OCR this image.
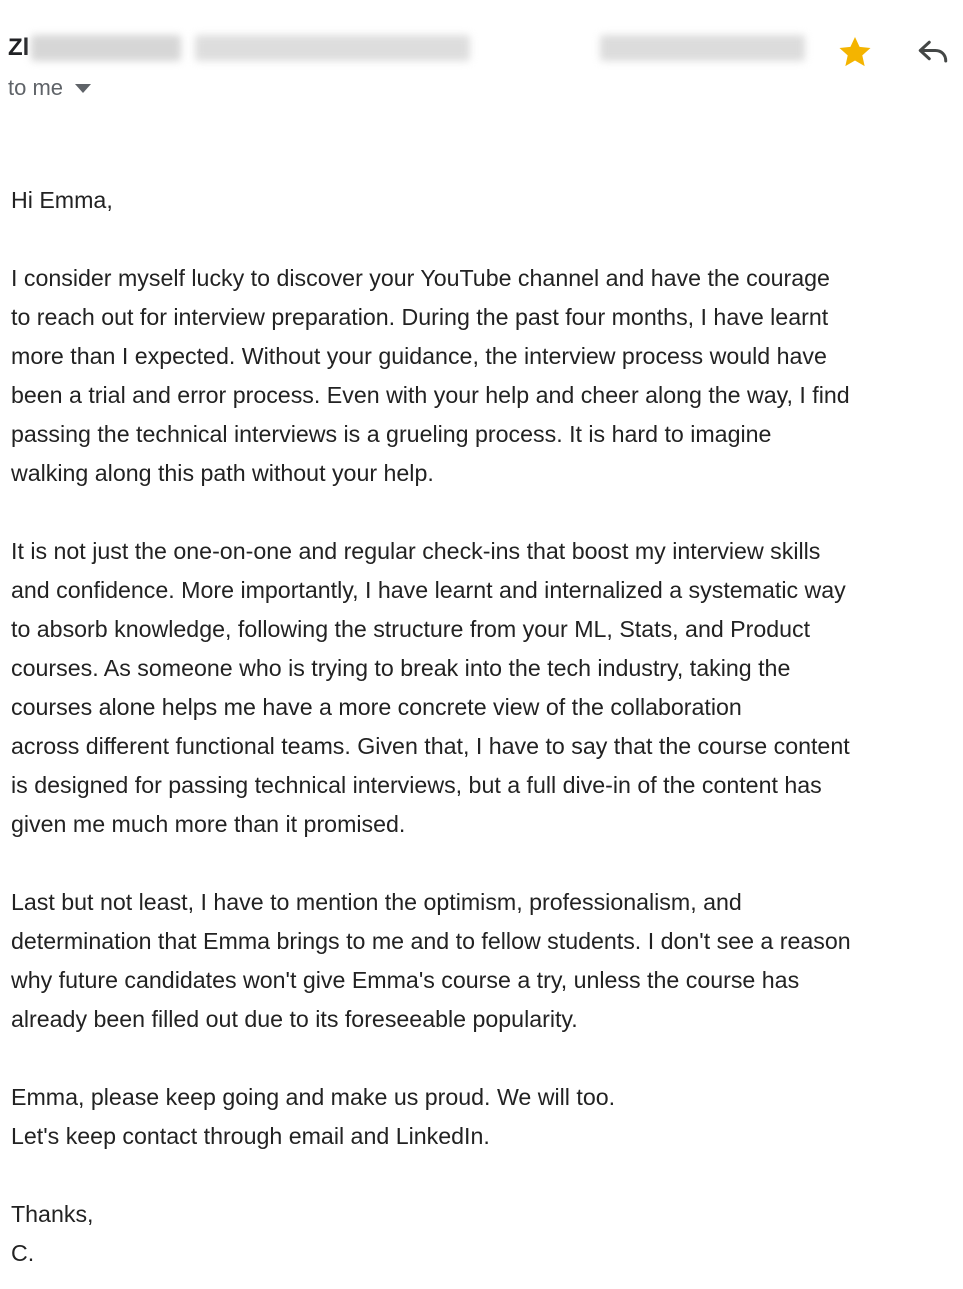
Zl
to me

Hi Emma,

I consider myself lucky to discover your YouTube channel and have the courage
to reach out for interview preparation. During the past four months, I have learnt
more than I expected. Without your guidance, the interview process would have
been a trial and error process. Even with your help and cheer along the way, I find
passing the technical interviews is a grueling process. It is hard to imagine
walking along this path without your help.

It is not just the one-on-one and regular check-ins that boost my interview skills
and confidence. More importantly, I have learnt and internalized a systematic way
to absorb knowledge, following the structure from your ML, Stats, and Product
courses. As someone who is trying to break into the tech industry, taking the
courses alone helps me have a more concrete view of the collaboration
across different functional teams. Given that, I have to say that the course content
is designed for passing technical interviews, but a full dive-in of the content has
given me much more than it promised.

Last but not least, I have to mention the optimism, professionalism, and
determination that Emma brings to me and to fellow students. I don't see a reason
why future candidates won't give Emma's course a try, unless the course has
already been filled out due to its foreseeable popularity.

Emma, please keep going and make us proud. We will too.
Let's keep contact through email and LinkedIn.

Thanks,

C.
